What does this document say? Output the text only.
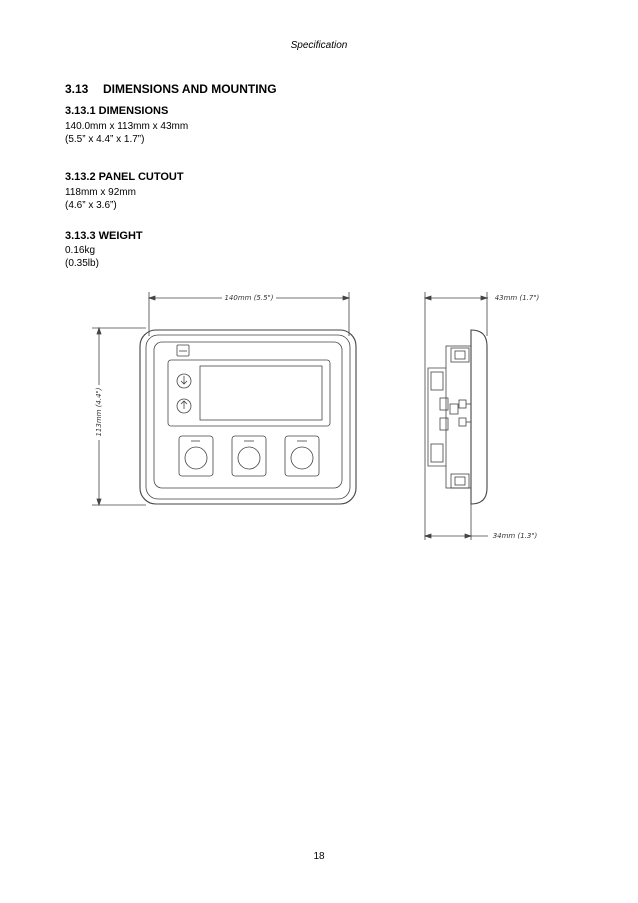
Specification
3.13 DIMENSIONS AND MOUNTING
3.13.1 DIMENSIONS
140.0mm x 113mm x 43mm
(5.5” x 4.4” x 1.7”)
3.13.2 PANEL CUTOUT
118mm x 92mm
(4.6” x 3.6”)
3.13.3 WEIGHT
0.16kg
(0.35lb)
140mm (5.5")
113mm (4.4")
43mm (1.7")
34mm (1.3")
18
